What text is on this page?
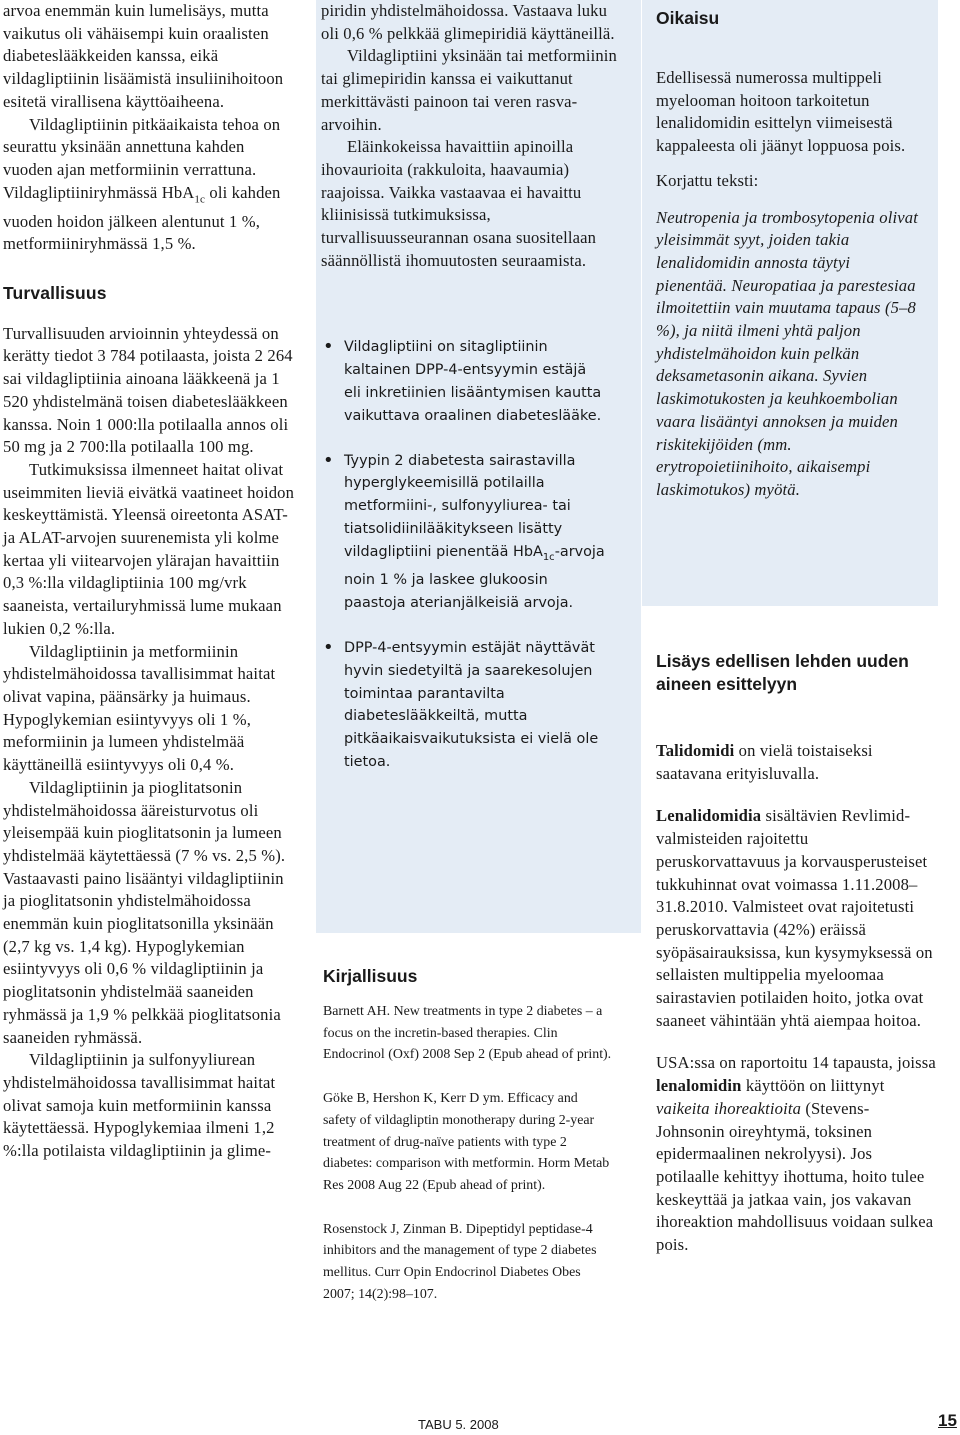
arvoa enemmän kuin lumelisäys, mutta vaikutus oli vähäisempi kuin oraalisten diabeteslääkkeiden kanssa, eikä vildagliptiinin lisäämistä insuliinihoitoon esitetä virallisena käyttöaiheena.

Vildagliptiinin pitkäaikaista tehoa on seurattu yksinään annettuna kahden vuoden ajan metformiinin verrattuna. Vildagliptiiniryhmässä HbA$_{1c}$ oli kahden vuoden hoidon jälkeen alentunut 1 %, metformiiniryhmässä 1,5 %.

Turvallisuus

Turvallisuuden arvioinnin yhteydessä on kerätty tiedot 3 784 potilaasta, joista 2 264 sai vildagliptiinia ainoana lääkkeenä ja 1 520 yhdistelmänä toisen diabeteslääkkeen kanssa. Noin 1 000:lla potilaalla annos oli 50 mg ja 2 700:lla potilaalla 100 mg.

Tutkimuksissa ilmenneet haitat olivat useimmiten lieviä eivätkä vaatineet hoidon keskeyttämistä. Yleensä oireetonta ASAT- ja ALAT-arvojen suurenemista yli kolme kertaa yli viitearvojen ylärajan havaittiin 0,3 %:lla vildagliptiinia 100 mg/vrk saaneista, vertailuryhmissä lume mukaan lukien 0,2 %:lla.

Vildagliptiinin ja metformiinin yhdistelmähoidossa tavallisimmat haitat olivat vapina, päänsärky ja huimaus. Hypoglykemian esiintyvyys oli 1 %, meformiinin ja lumeen yhdistelmää käyttäneillä esiintyvyys oli 0,4 %.

Vildagliptiinin ja pioglitatsonin yhdistelmähoidossa ääreisturvotus oli yleisempää kuin pioglitatsonin ja lumeen yhdistelmää käytettäessä (7 % vs. 2,5 %). Vastaavasti paino lisääntyi vildagliptiinin ja pioglitatsonin yhdistelmähoidossa enemmän kuin pioglitatsonilla yksinään (2,7 kg vs. 1,4 kg). Hypoglykemian esiintyvyys oli 0,6 % vildagliptiinin ja pioglitatsonin yhdistelmää saaneiden ryhmässä ja 1,9 % pelkkää pioglitatsonia saaneiden ryhmässä.

Vildagliptiinin ja sulfonyyliurean yhdistelmähoidossa tavallisimmat haitat olivat samoja kuin metformiinin kanssa käytettäessä. Hypoglykemiaa ilmeni 1,2 %:lla potilaista vildagliptiinin ja glime-

piridin yhdistelmähoidossa. Vastaava luku oli 0,6 % pelkkää glimepiridiä käyttäneillä.

Vildagliptiini yksinään tai metformiinin tai glimepiridin kanssa ei vaikuttanut merkittävästi painoon tai veren rasva-arvoihin.

Eläinkokeissa havaittiin apinoilla ihovaurioita (rakkuloita, haavaumia) raajoissa. Vaikka vastaavaa ei havaittu kliinisissä tutkimuksissa, turvallisuusseurannan osana suositellaan säännöllistä ihomuutosten seuraamista.

• Vildagliptiini on sitagliptiinin kaltainen DPP-4-entsyymin estäjä eli inkretiinien lisääntymisen kautta vaikuttava oraalinen diabeteslääke.
• Tyypin 2 diabetesta sairastavilla hyperglykeemisillä potilailla metformiini-, sulfonyyliurea- tai tiatsolidiinilääkitykseen lisätty vildagliptiini pienentää HbA$_{1c}$-arvoja noin 1 % ja laskee glukoosin paastoja aterianjälkeisiä arvoja.
• DPP-4-entsyymin estäjät näyttävät hyvin siedetyiltä ja saarekesolujen toimintaa parantavilta diabeteslääkkeiltä, mutta pitkäaikaisvaikutuksista ei vielä ole tietoa.
Kirjallisuus

Barnett AH. New treatments in type 2 diabetes – a focus on the incretin-based therapies. Clin Endocrinol (Oxf) 2008 Sep 2 (Epub ahead of print).

Göke B, Hershon K, Kerr D ym. Efficacy and safety of vildagliptin monotherapy during 2-year treatment of drug-naïve patients with type 2 diabetes: comparison with metformin. Horm Metab Res 2008 Aug 22 (Epub ahead of print).

Rosenstock J, Zinman B. Dipeptidyl peptidase-4 inhibitors and the management of type 2 diabetes mellitus. Curr Opin Endocrinol Diabetes Obes 2007; 14(2):98–107.

Oikaisu

Edellisessä numerossa multippeli myelooman hoitoon tarkoitetun lenalidomidin esittelyn viimeisestä kappaleesta oli jäänyt loppuosa pois.

Korjattu teksti:

Neutropenia ja trombosytopenia olivat yleisimmät syyt, joiden takia lenalidomidin annosta täytyi pienentää. Neuropatiaa ja parestesiaa ilmoitettiin vain muutama tapaus (5–8 %), ja niitä ilmeni yhtä paljon yhdistelmähoidon kuin pelkän deksametasonin aikana. Syvien laskimotukosten ja keuhkoembolian vaara lisääntyi annoksen ja muiden riskitekijöiden (mm. erytropoietiinihoito, aikaisempi laskimotukos) myötä.

Lisäys edellisen lehden uuden aineen esittelyyn

Talidomidi on vielä toistaiseksi saatavana erityisluvalla.

Lenalidomidia sisältävien Revlimid-valmisteiden rajoitettu peruskorvattavuus ja korvausperusteiset tukkuhinnat ovat voimassa 1.11.2008–31.8.2010. Valmisteet ovat rajoitetusti peruskorvattavia (42%) eräissä syöpäsairauksissa, kun kysymyksessä on sellaisten multippelia myeloomaa sairastavien potilaiden hoito, jotka ovat saaneet vähintään yhtä aiempaa hoitoa.

USA:ssa on raportoitu 14 tapausta, joissa lenalomidin käyttöön on liittynyt vaikeita ihoreaktioita (Stevens-Johnsonin oireyhtymä, toksinen epidermaalinen nekrolyysi). Jos potilaalle kehittyy ihottuma, hoito tulee keskeyttää ja jatkaa vain, jos vakavan ihoreaktion mahdollisuus voidaan sulkea pois.

TABU 5. 2008	15
